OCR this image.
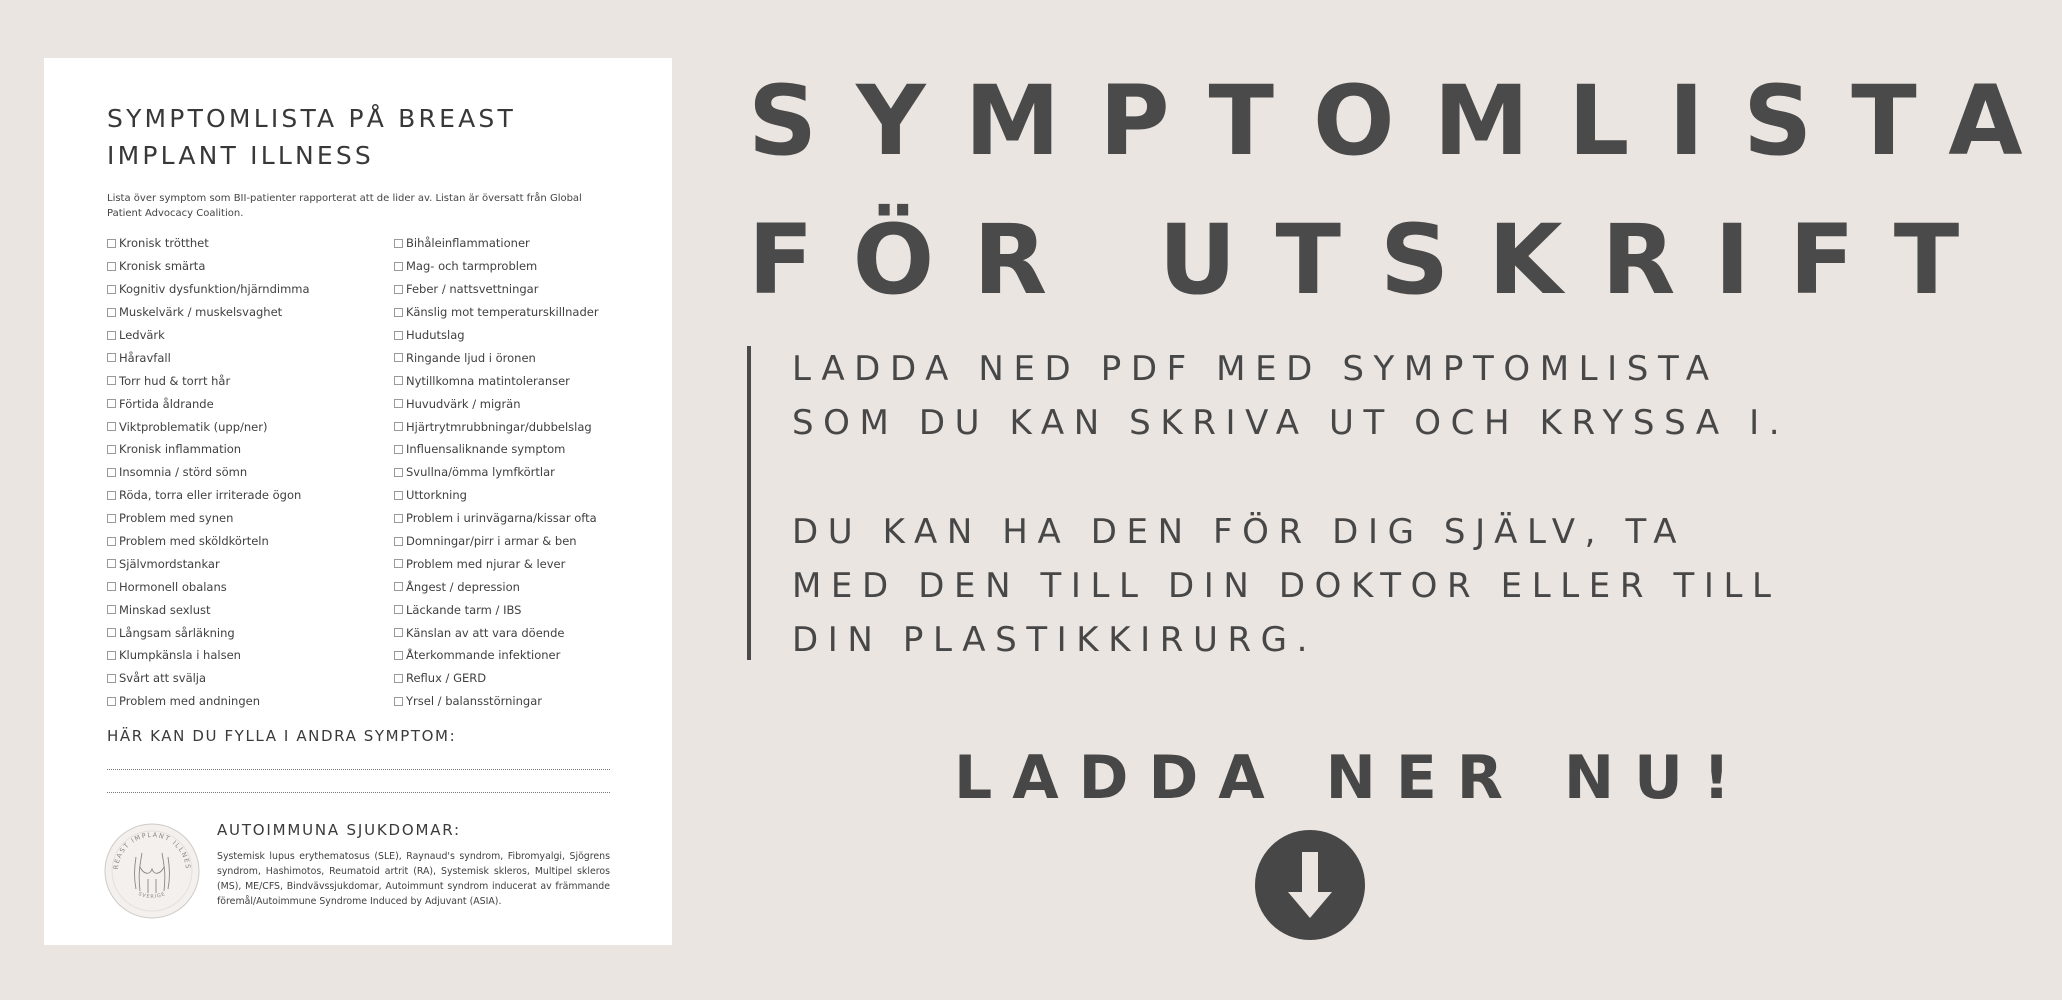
SYMPTOMLISTA PÅ BREAST
IMPLANT ILLNESS
Lista över symptom som BII-patienter rapporterat att de lider av. Listan är översatt från Global Patient Advocacy Coalition.
Kronisk trötthet
Kronisk smärta
Kognitiv dysfunktion/hjärndimma
Muskelvärk / muskelsvaghet
Ledvärk
Håravfall
Torr hud & torrt hår
Förtida åldrande
Viktproblematik (upp/ner)
Kronisk inflammation
Insomnia / störd sömn
Röda, torra eller irriterade ögon
Problem med synen
Problem med sköldkörteln
Självmordstankar
Hormonell obalans
Minskad sexlust
Långsam sårläkning
Klumpkänsla i halsen
Svårt att svälja
Problem med andningen
Bihåleinflammationer
Mag- och tarmproblem
Feber / nattsvettningar
Känslig mot temperaturskillnader
Hudutslag
Ringande ljud i öronen
Nytillkomna matintoleranser
Huvudvärk / migrän
Hjärtrytmrubbningar/dubbelslag
Influensaliknande symptom
Svullna/ömma lymfkörtlar
Uttorkning
Problem i urinvägarna/kissar ofta
Domningar/pirr i armar & ben
Problem med njurar & lever
Ångest / depression
Läckande tarm / IBS
Känslan av att vara döende
Återkommande infektioner
Reflux / GERD
Yrsel / balansstörningar
HÄR KAN DU FYLLA I ANDRA SYMPTOM:
REAST IMPLANT ILLNES
SVERIGE
AUTOIMMUNA SJUKDOMAR:
Systemisk lupus erythematosus (SLE), Raynaud's syndrom, Fibromyalgi, Sjögrens syndrom, Hashimotos, Reumatoid artrit (RA), Systemisk skleros, Multipel skleros (MS), ME/CFS, Bindvävssjukdomar, Autoimmunt syndrom inducerat av främmande föremål/Autoimmune Syndrome Induced by Adjuvant (ASIA).
SYMPTOMLISTA
FÖR UTSKRIFT
LADDA NED PDF MED SYMPTOMLISTA
SOM DU KAN SKRIVA UT OCH KRYSSA I.
DU KAN HA DEN FÖR DIG SJÄLV, TA
MED DEN TILL DIN DOKTOR ELLER TILL
DIN PLASTIKKIRURG.
LADDA NER NU!
